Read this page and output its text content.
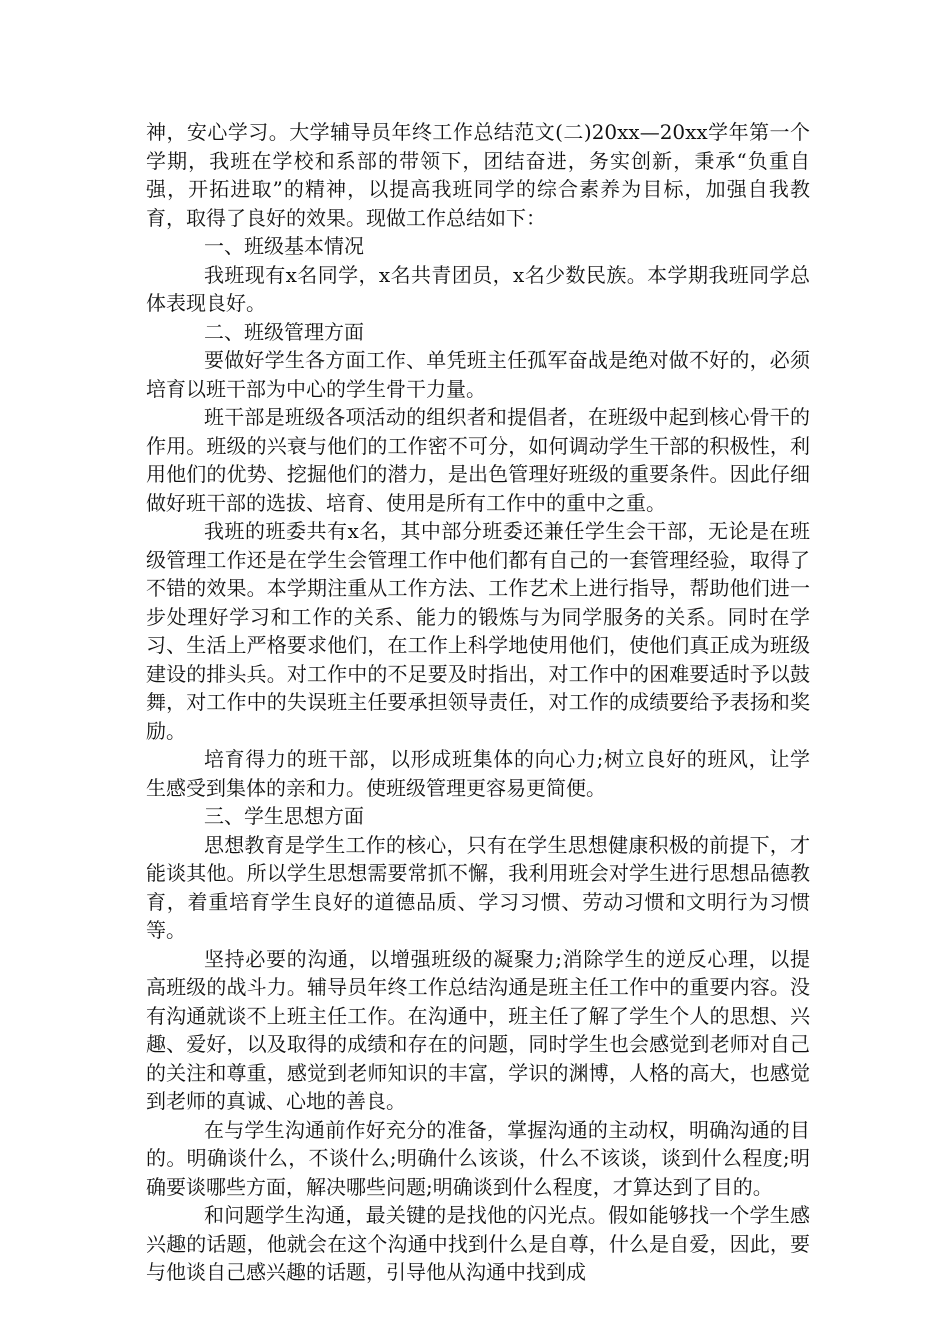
神，安心学习。大学辅导员年终工作总结范文(二)20xx—20xx学年第一个学期，我班在学校和系部的带领下，团结奋进，务实创新，秉承“负重自强，开拓进取”的精神，以提高我班同学的综合素养为目标，加强自我教育，取得了良好的效果。现做工作总结如下：

一、班级基本情况

我班现有x名同学，x名共青团员，x名少数民族。本学期我班同学总体表现良好。

二、班级管理方面

要做好学生各方面工作、单凭班主任孤军奋战是绝对做不好的，必须培育以班干部为中心的学生骨干力量。

班干部是班级各项活动的组织者和提倡者，在班级中起到核心骨干的作用。班级的兴衰与他们的工作密不可分，如何调动学生干部的积极性，利用他们的优势、挖掘他们的潜力，是出色管理好班级的重要条件。因此仔细做好班干部的选拔、培育、使用是所有工作中的重中之重。

我班的班委共有x名，其中部分班委还兼任学生会干部，无论是在班级管理工作还是在学生会管理工作中他们都有自己的一套管理经验，取得了不错的效果。本学期注重从工作方法、工作艺术上进行指导，帮助他们进一步处理好学习和工作的关系、能力的锻炼与为同学服务的关系。同时在学习、生活上严格要求他们，在工作上科学地使用他们，使他们真正成为班级建设的排头兵。对工作中的不足要及时指出，对工作中的困难要适时予以鼓舞，对工作中的失误班主任要承担领导责任，对工作的成绩要给予表扬和奖励。

培育得力的班干部，以形成班集体的向心力;树立良好的班风，让学生感受到集体的亲和力。使班级管理更容易更简便。

三、学生思想方面

思想教育是学生工作的核心，只有在学生思想健康积极的前提下，才能谈其他。所以学生思想需要常抓不懈，我利用班会对学生进行思想品德教育，着重培育学生良好的道德品质、学习习惯、劳动习惯和文明行为习惯等。

坚持必要的沟通，以增强班级的凝聚力;消除学生的逆反心理，以提高班级的战斗力。辅导员年终工作总结沟通是班主任工作中的重要内容。没有沟通就谈不上班主任工作。在沟通中，班主任了解了学生个人的思想、兴趣、爱好，以及取得的成绩和存在的问题，同时学生也会感觉到老师对自己的关注和尊重，感觉到老师知识的丰富，学识的渊博，人格的高大，也感觉到老师的真诚、心地的善良。

在与学生沟通前作好充分的准备，掌握沟通的主动权，明确沟通的目的。明确谈什么，不谈什么;明确什么该谈，什么不该谈，谈到什么程度;明确要谈哪些方面，解决哪些问题;明确谈到什么程度，才算达到了目的。

和问题学生沟通，最关键的是找他的闪光点。假如能够找一个学生感兴趣的话题，他就会在这个沟通中找到什么是自尊，什么是自爱，因此，要与他谈自己感兴趣的话题，引导他从沟通中找到成
